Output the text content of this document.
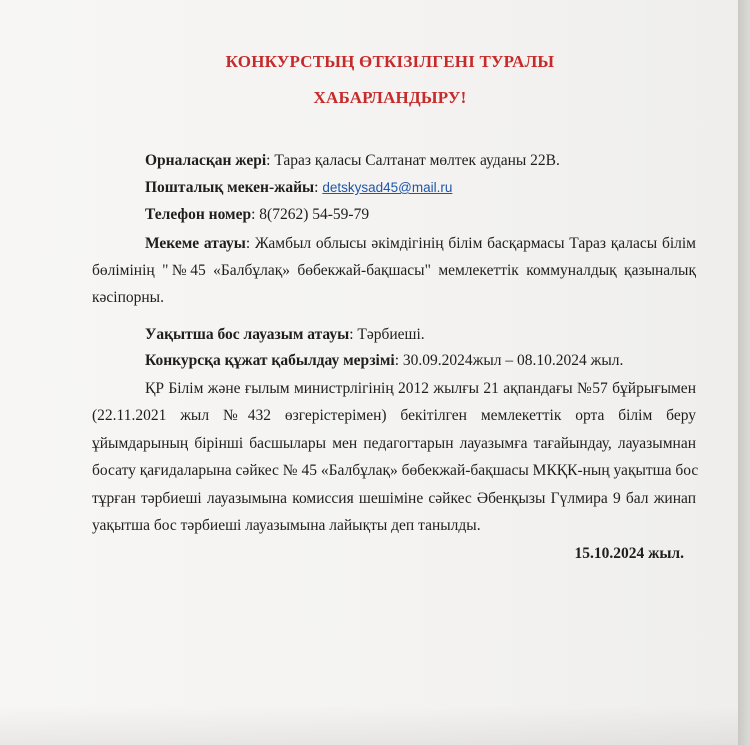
КОНКУРСТЫҢ ӨТКІЗІЛГЕНІ ТУРАЛЫ
ХАБАРЛАНДЫРУ!
Орналасқан жері: Тараз қаласы Салтанат мөлтек ауданы 22В.
Пошталық мекен-жайы: detskysad45@mail.ru
Телефон номер: 8(7262) 54-59-79
Мекеме атауы: Жамбыл облысы әкімдігінің білім басқармасы Тараз қаласы білім
бөлімінің "№45 «Балбұлақ» бөбекжай-бақшасы" мемлекеттік коммуналдық қазыналық
кәсіпорны.
Уақытша бос лауазым атауы: Тәрбиеші.
Конкурсқа құжат қабылдау мерзімі: 30.09.2024жыл – 08.10.2024 жыл.
ҚР Білім және ғылым министрлігінің 2012 жылғы 21 ақпандағы №57 бұйрығымен
(22.11.2021 жыл №432 өзгерістерімен) бекітілген мемлекеттік орта білім беру
ұйымдарының бірінші басшылары мен педагогтарын лауазымға тағайындау, лауазымнан
босату қағидаларына сәйкес № 45 «Балбұлақ» бөбекжай-бақшасы МКҚК-ның уақытша бос
тұрған тәрбиеші лауазымына комиссия шешіміне сәйкес Әбенқызы Гүлмира 9 бал жинап
уақытша бос тәрбиеші лауазымына лайықты деп танылды.
15.10.2024 жыл.
